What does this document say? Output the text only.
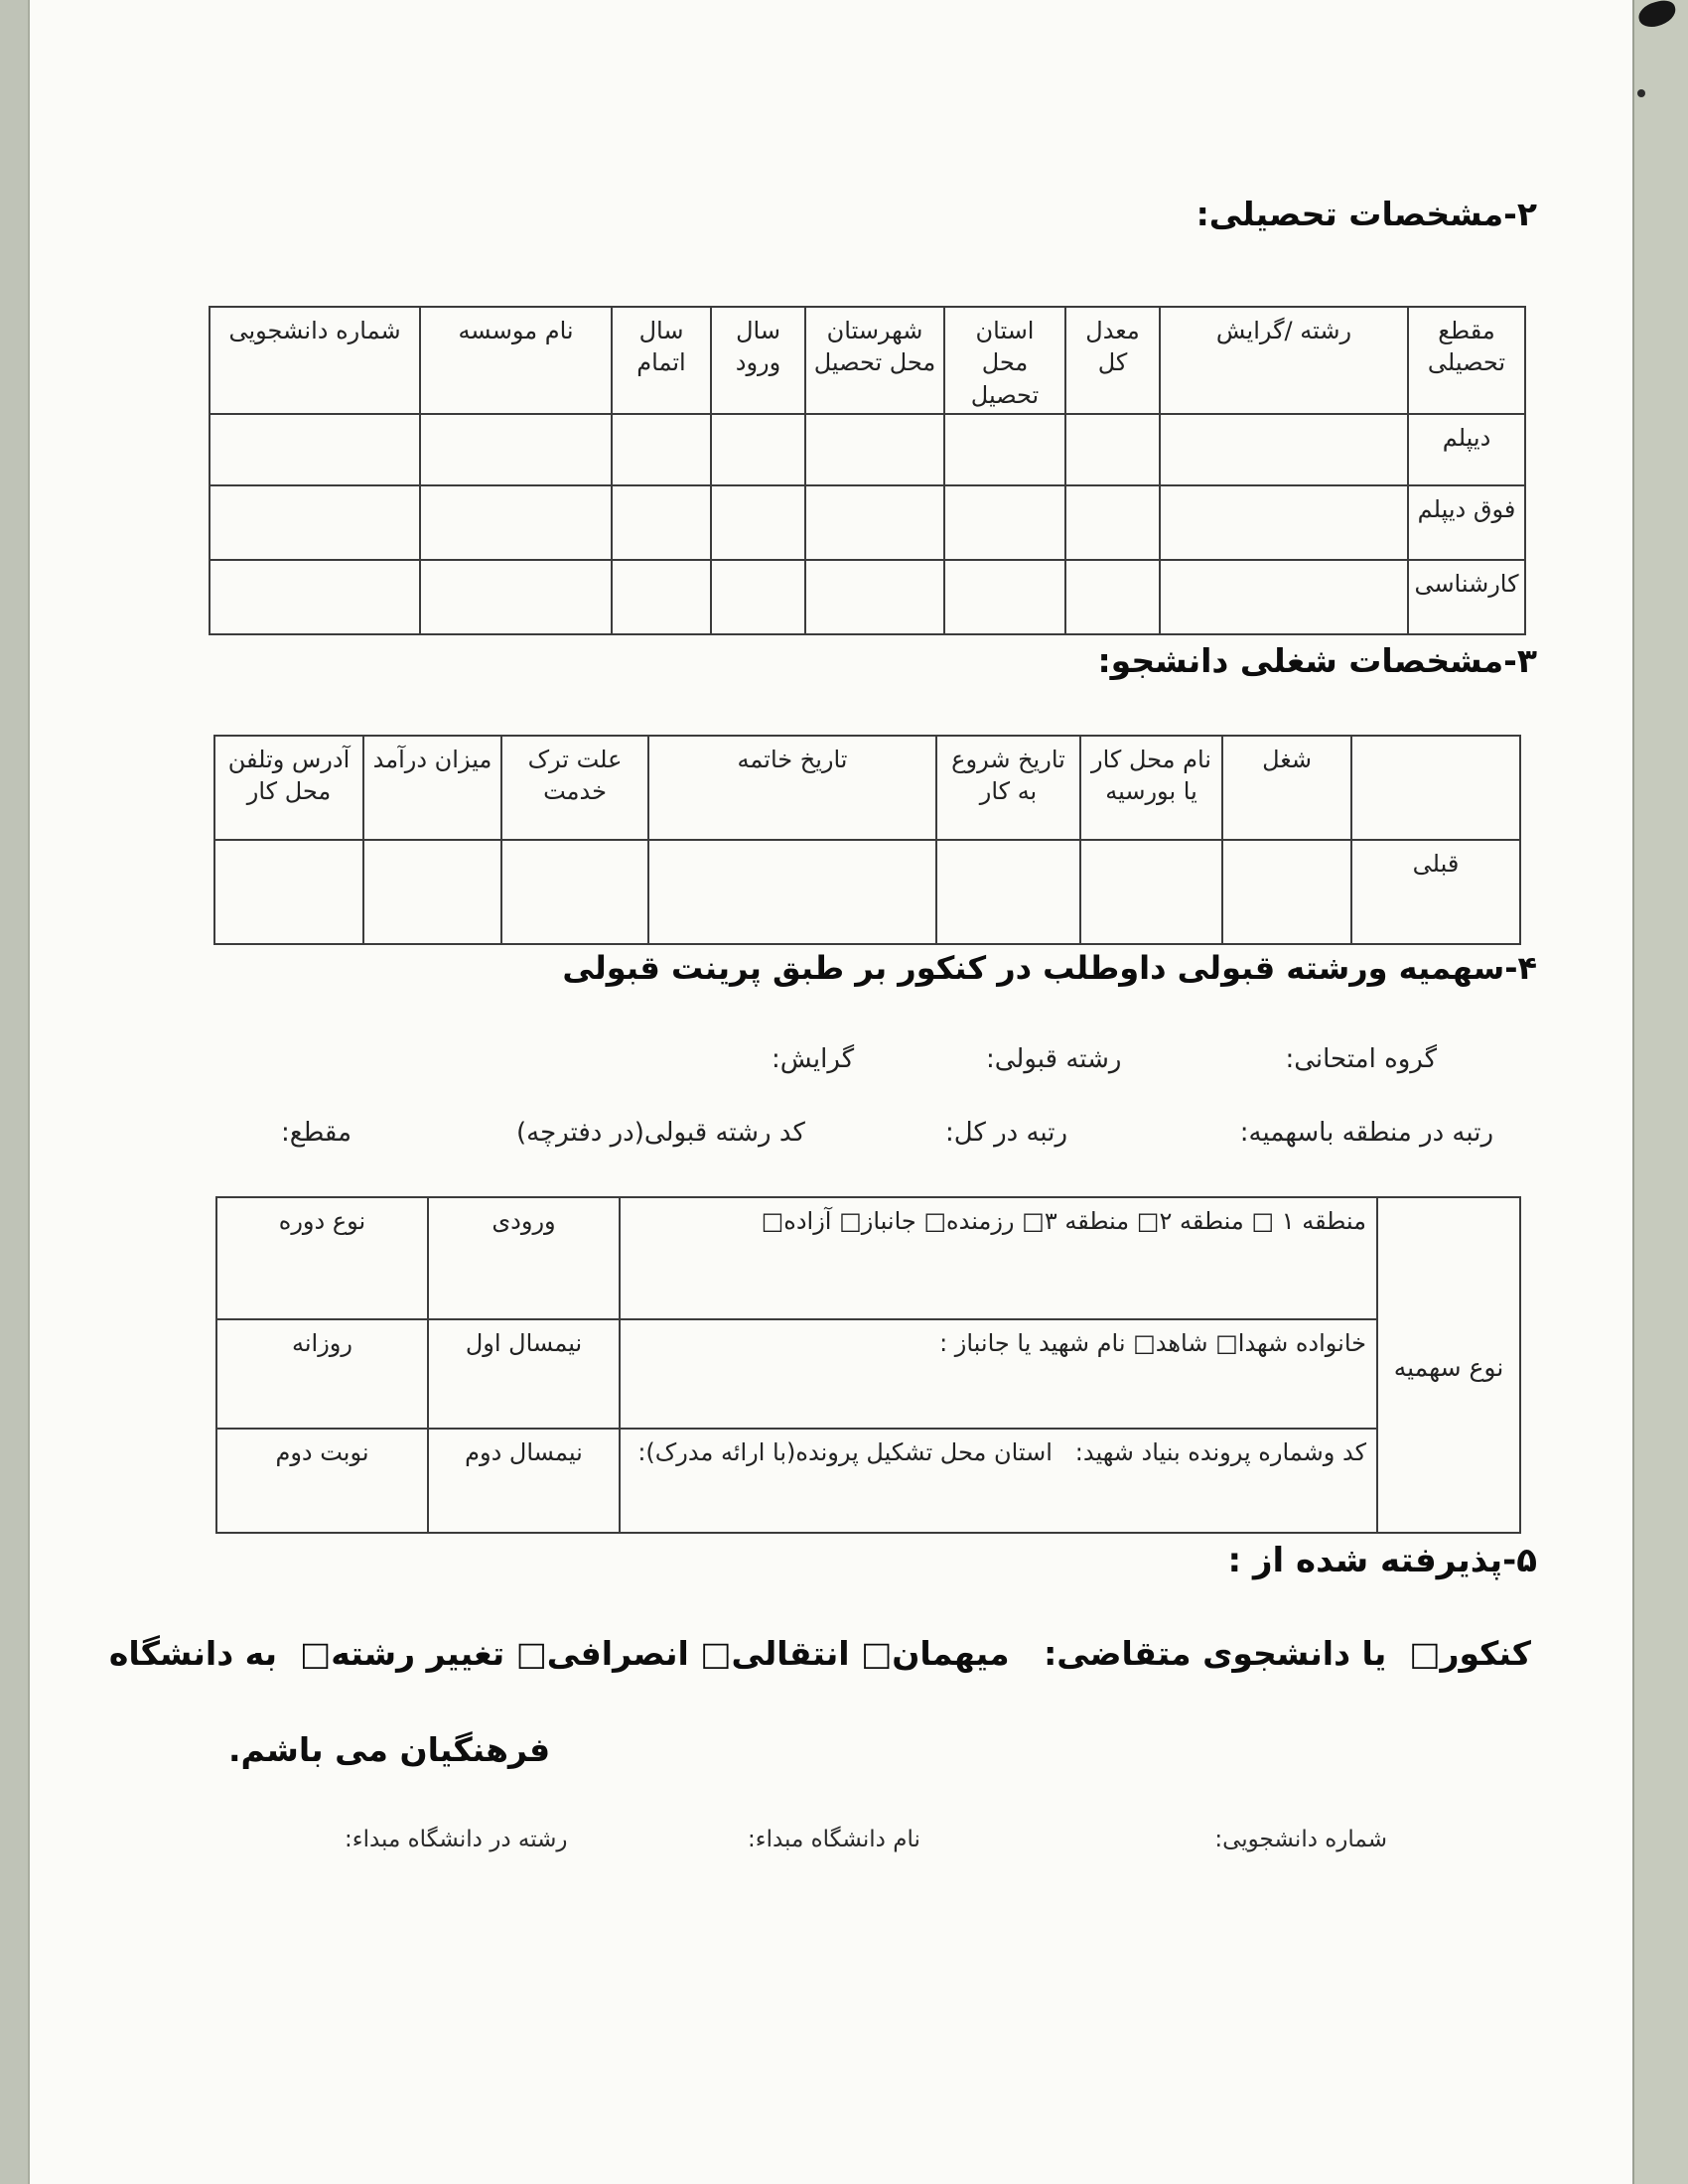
۲-مشخصات تحصیلی:
مقطع تحصیلی	رشته /گرایش	معدل کل	استان محل تحصیل	شهرستان محل تحصیل	سال ورود	سال اتمام	نام موسسه	شماره دانشجویی
دیپلم								
فوق دیپلم								
کارشناسی								
۳-مشخصات شغلی دانشجو:
	شغل	نام محل کار یا بورسیه	تاریخ شروع به کار	تاریخ خاتمه	علت ترک خدمت	میزان درآمد	آدرس وتلفن محل کار
قبلی							
۴-سهمیه ورشته قبولی داوطلب در کنکور بر طبق پرینت قبولی
گروه امتحانی:
رشته قبولی:
گرایش:
رتبه در منطقه باسهمیه:
رتبه در کل:
کد رشته قبولی(در دفترچه)
مقطع:
نوع سهمیه	منطقه ۱ □ منطقه ۲□ منطقه ۳□ رزمنده□ جانباز□ آزاده□	ورودی	نوع دوره
	خانواده شهدا□ شاهد□ نام شهید یا جانباز :	نیمسال اول	روزانه
	کد وشماره پرونده بنیاد شهید:   استان محل تشکیل پرونده(با ارائه مدرک):	نیمسال دوم	نوبت دوم
۵-پذیرفته شده از :
کنکور□  یا دانشجوی متقاضی:   میهمان□ انتقالی□ انصرافی□ تغییر رشته□  به دانشگاه
فرهنگیان می باشم.
شماره دانشجویی:
نام دانشگاه مبداء:
رشته در دانشگاه مبداء:
